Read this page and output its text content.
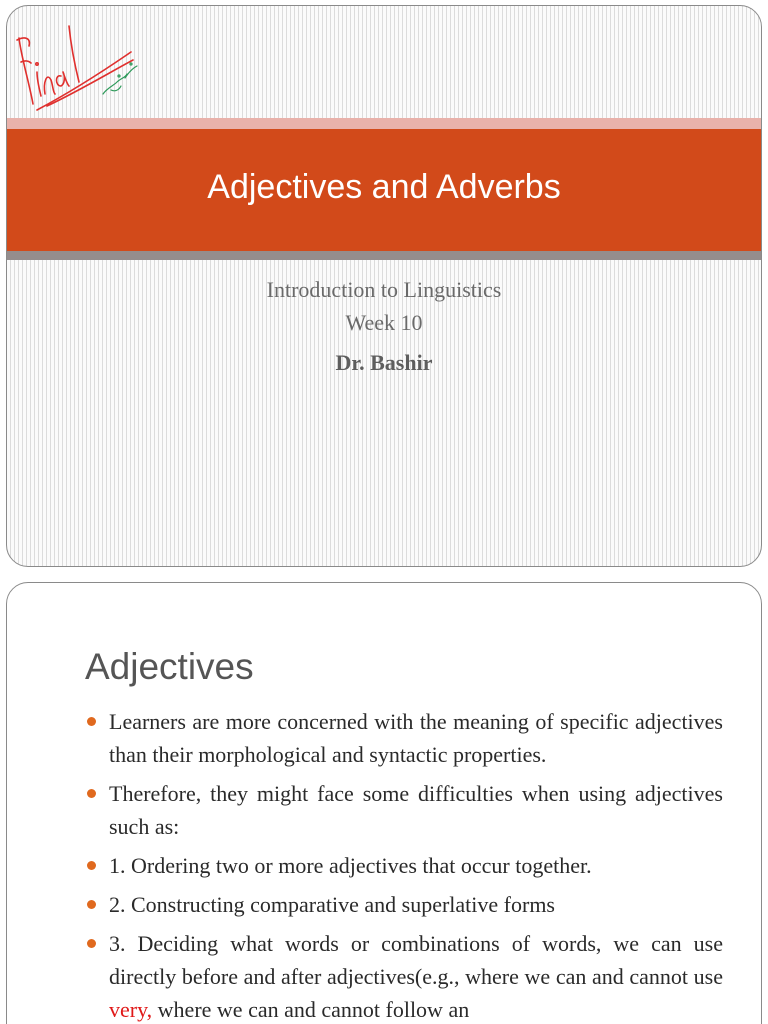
Adjectives and Adverbs

Introduction to Linguistics

Week 10

Dr. Bashir

Adjectives
Learners are more concerned with the meaning of specific adjectives than their morphological and syntactic properties.
Therefore, they might face some difficulties when using adjectives such as:
1. Ordering two or more adjectives that occur together.
2. Constructing comparative and superlative forms
3. Deciding what words or combinations of words, we can use directly before and after adjectives(e.g., where we can and cannot use very, where we can and cannot follow an
